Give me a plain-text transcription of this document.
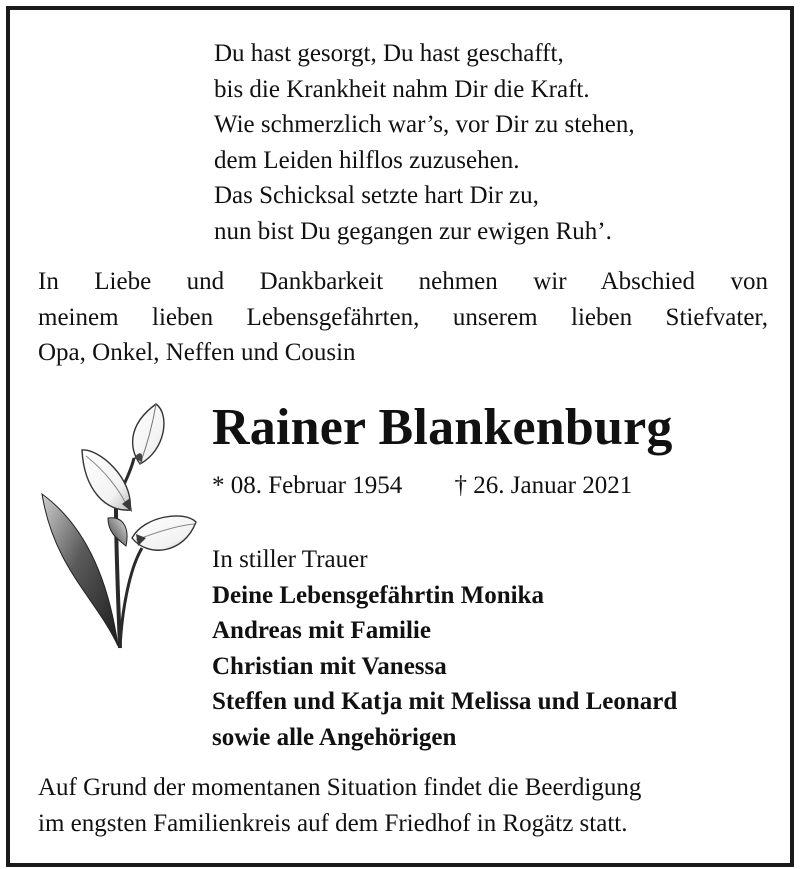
Du hast gesorgt, Du hast geschafft,
bis die Krankheit nahm Dir die Kraft.
Wie schmerzlich war’s, vor Dir zu stehen,
dem Leiden hilflos zuzusehen.
Das Schicksal setzte hart Dir zu,
nun bist Du gegangen zur ewigen Ruh’.
In Liebe und Dankbarkeit nehmen wir Abschied von
meinem lieben Lebensgefährten, unserem lieben Stiefvater,
Opa, Onkel, Neffen und Cousin
Rainer Blankenburg
* 08. Februar 1954 † 26. Januar 2021
In stiller Trauer
Deine Lebensgefährtin Monika
Andreas mit Familie
Christian mit Vanessa
Steffen und Katja mit Melissa und Leonard
sowie alle Angehörigen
Auf Grund der momentanen Situation findet die Beerdigung
im engsten Familienkreis auf dem Friedhof in Rogätz statt.
